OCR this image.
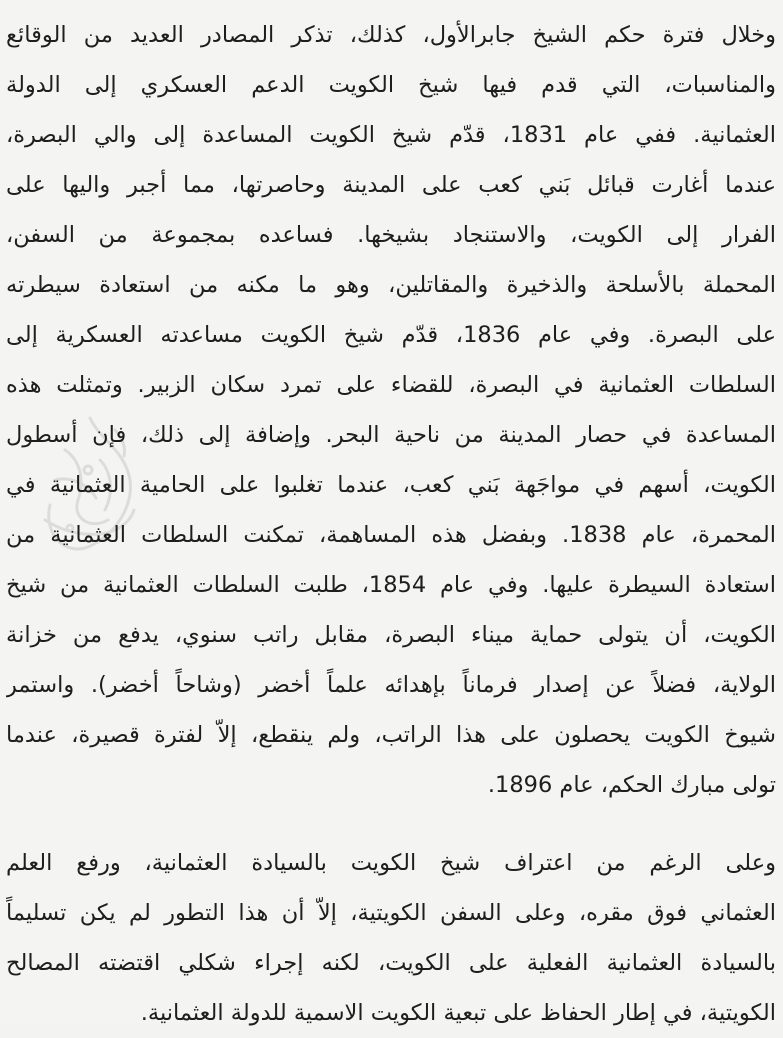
وخلال فترة حكم الشيخ جابرالأول، كذلك، تذكر المصادر العديد من الوقائع
والمناسبات، التي قدم فيها شيخ الكويت الدعم العسكري إلى الدولة
العثمانية. ففي عام 1831، قدّم شيخ الكويت المساعدة إلى والي البصرة،
عندما أغارت قبائل بَني كعب على المدينة وحاصرتها، مما أجبر واليها على
الفرار إلى الكويت، والاستنجاد بشيخها. فساعده بمجموعة من السفن،
المحملة بالأسلحة والذخيرة والمقاتلين، وهو ما مكنه من استعادة سيطرته
على البصرة. وفي عام 1836، قدّم شيخ الكويت مساعدته العسكرية إلى
السلطات العثمانية في البصرة، للقضاء على تمرد سكان الزبير. وتمثلت هذه
المساعدة في حصار المدينة من ناحية البحر. وإضافة إلى ذلك، فإن أسطول
الكويت، أسهم في مواجَهة بَني كعب، عندما تغلبوا على الحامية العثمانية في
المحمرة، عام 1838. وبفضل هذه المساهمة، تمكنت السلطات العثمانية من
استعادة السيطرة عليها. وفي عام 1854، طلبت السلطات العثمانية من شيخ
الكويت، أن يتولى حماية ميناء البصرة، مقابل راتب سنوي، يدفع من خزانة
الولاية، فضلاً عن إصدار فرماناً بإهدائه علماً أخضر (وشاحاً أخضر). واستمر
شيوخ الكويت يحصلون على هذا الراتب، ولم ينقطع، إلاّ لفترة قصيرة، عندما
تولى مبارك الحكم، عام 1896.
وعلى الرغم من اعتراف شيخ الكويت بالسيادة العثمانية، ورفع العلم
العثماني فوق مقره، وعلى السفن الكويتية، إلاّ أن هذا التطور لم يكن تسليماً
بالسيادة العثمانية الفعلية على الكويت، لكنه إجراء شكلي اقتضته المصالح
الكويتية، في إطار الحفاظ على تبعية الكويت الاسمية للدولة العثمانية.
